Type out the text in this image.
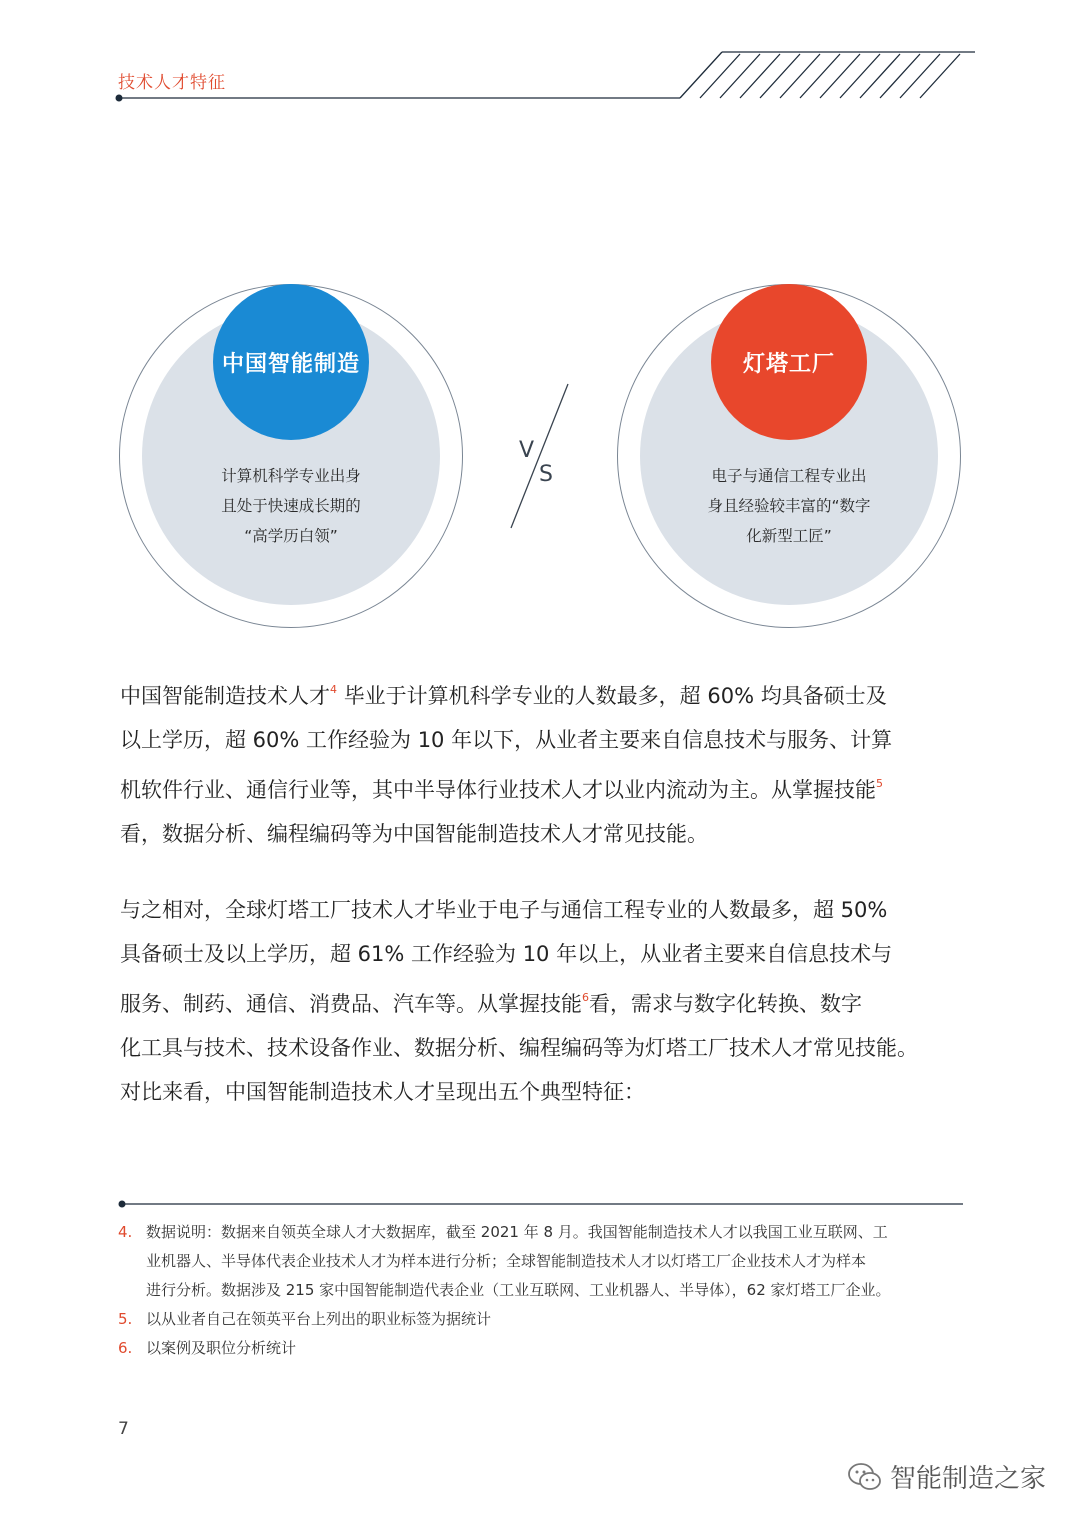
技术人才特征
中国智能制造
计算机科学专业出身
且处于快速成长期的
“高学历白领”
V
S
灯塔工厂
电子与通信工程专业出
身且经验较丰富的“数字
化新型工匠”
中国智能制造技术人才$^4$ 毕业于计算机科学专业的人数最多，超 60% 均具备硕士及
以上学历，超 60% 工作经验为 10 年以下，从业者主要来自信息技术与服务、计算
机软件行业、通信行业等，其中半导体行业技术人才以业内流动为主。从掌握技能$^5$
看，数据分析、编程编码等为中国智能制造技术人才常见技能。
与之相对，全球灯塔工厂技术人才毕业于电子与通信工程专业的人数最多，超 50%
具备硕士及以上学历，超 61% 工作经验为 10 年以上，从业者主要来自信息技术与
服务、制药、通信、消费品、汽车等。从掌握技能$^6$看，需求与数字化转换、数字
化工具与技术、技术设备作业、数据分析、编程编码等为灯塔工厂技术人才常见技能。
对比来看，中国智能制造技术人才呈现出五个典型特征：
4. 数据说明：数据来自领英全球人才大数据库，截至 2021 年 8 月。我国智能制造技术人才以我国工业互联网、工
业机器人、半导体代表企业技术人才为样本进行分析；全球智能制造技术人才以灯塔工厂企业技术人才为样本
进行分析。数据涉及 215 家中国智能制造代表企业（工业互联网、工业机器人、半导体），62 家灯塔工厂企业。
5. 以从业者自己在领英平台上列出的职业标签为据统计
6. 以案例及职位分析统计
7
智能制造之家
